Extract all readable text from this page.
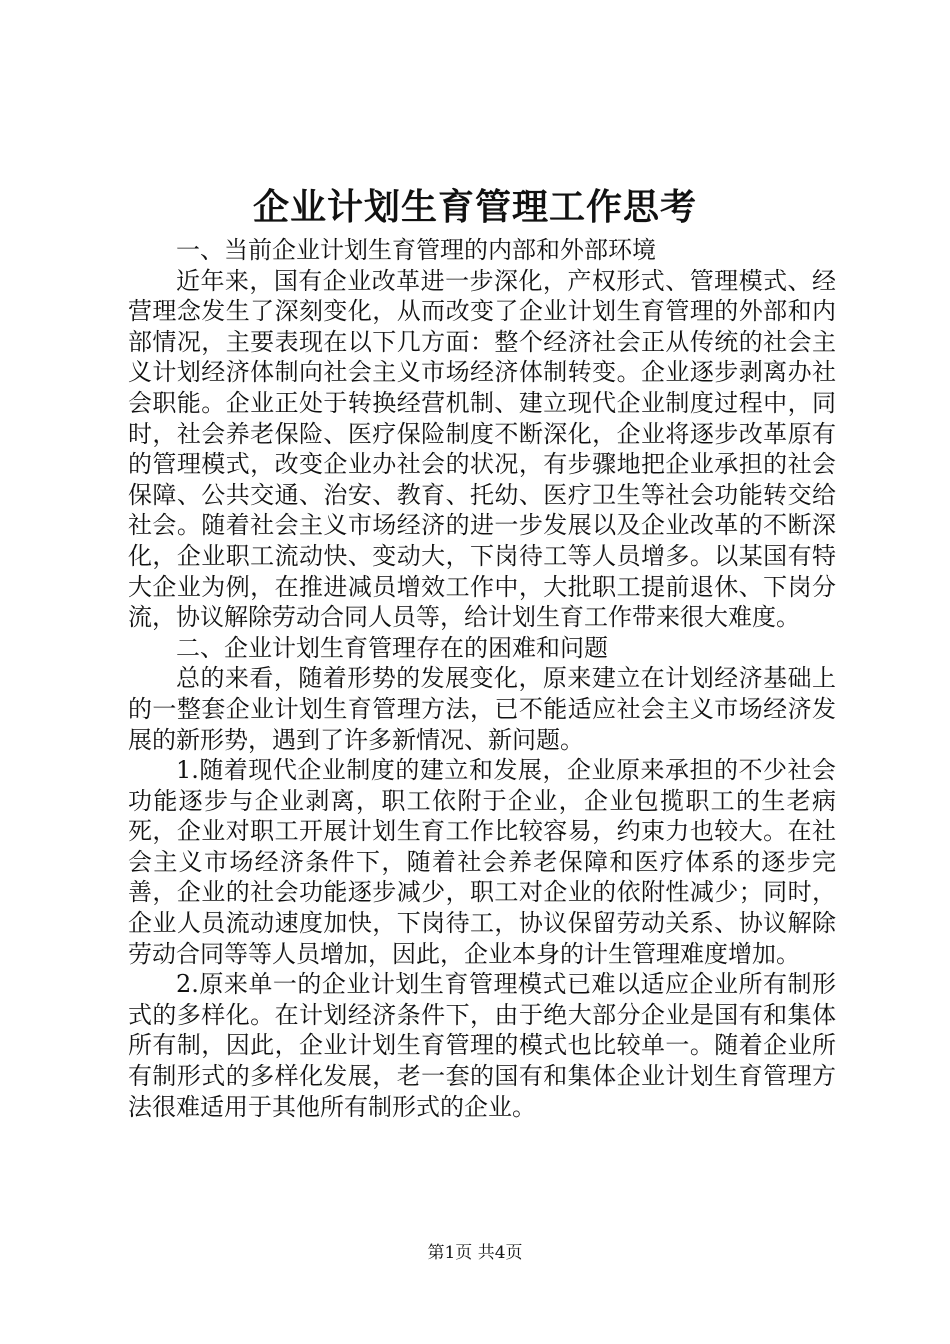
企业计划生育管理工作思考

一、当前企业计划生育管理的内部和外部环境

近年来，国有企业改革进一步深化，产权形式、管理模式、经营理念发生了深刻变化，从而改变了企业计划生育管理的外部和内部情况，主要表现在以下几方面：整个经济社会正从传统的社会主义计划经济体制向社会主义市场经济体制转变。企业逐步剥离办社会职能。企业正处于转换经营机制、建立现代企业制度过程中，同时，社会养老保险、医疗保险制度不断深化，企业将逐步改革原有的管理模式，改变企业办社会的状况，有步骤地把企业承担的社会保障、公共交通、治安、教育、托幼、医疗卫生等社会功能转交给社会。随着社会主义市场经济的进一步发展以及企业改革的不断深化，企业职工流动快、变动大，下岗待工等人员增多。以某国有特大企业为例，在推进减员增效工作中，大批职工提前退休、下岗分流，协议解除劳动合同人员等，给计划生育工作带来很大难度。

二、企业计划生育管理存在的困难和问题

总的来看，随着形势的发展变化，原来建立在计划经济基础上的一整套企业计划生育管理方法，已不能适应社会主义市场经济发展的新形势，遇到了许多新情况、新问题。

1.随着现代企业制度的建立和发展，企业原来承担的不少社会功能逐步与企业剥离，职工依附于企业，企业包揽职工的生老病死，企业对职工开展计划生育工作比较容易，约束力也较大。在社会主义市场经济条件下，随着社会养老保障和医疗体系的逐步完善，企业的社会功能逐步减少，职工对企业的依附性减少；同时，企业人员流动速度加快，下岗待工，协议保留劳动关系、协议解除劳动合同等等人员增加，因此，企业本身的计生管理难度增加。

2.原来单一的企业计划生育管理模式已难以适应企业所有制形式的多样化。在计划经济条件下，由于绝大部分企业是国有和集体所有制，因此，企业计划生育管理的模式也比较单一。随着企业所有制形式的多样化发展，老一套的国有和集体企业计划生育管理方法很难适用于其他所有制形式的企业。

第1页 共4页
